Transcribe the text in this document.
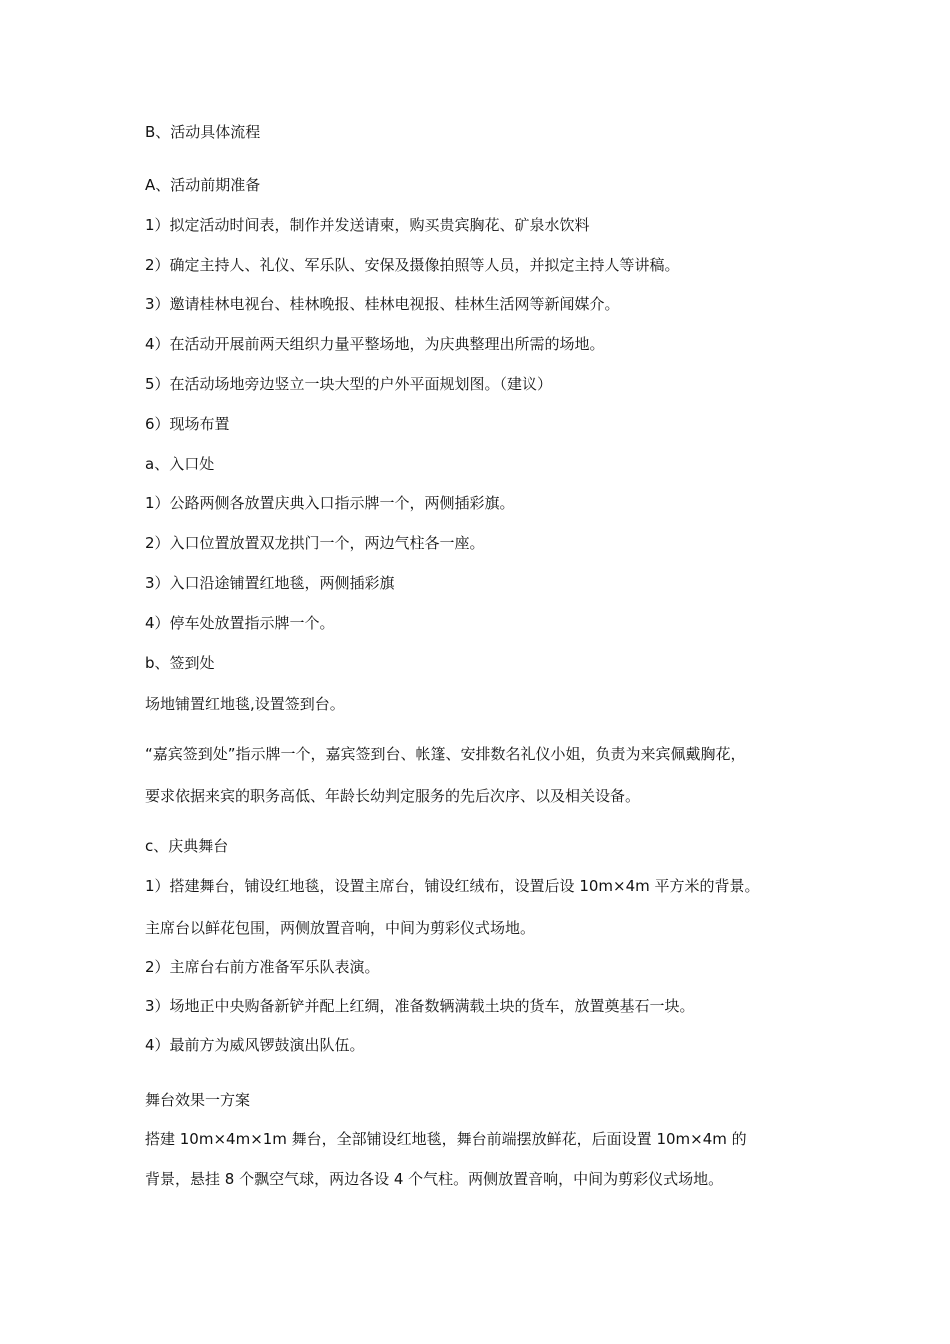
B、活动具体流程

A、活动前期准备

1）拟定活动时间表，制作并发送请柬，购买贵宾胸花、矿泉水饮料

2）确定主持人、礼仪、军乐队、安保及摄像拍照等人员，并拟定主持人等讲稿。

3）邀请桂林电视台、桂林晚报、桂林电视报、桂林生活网等新闻媒介。

4）在活动开展前两天组织力量平整场地，为庆典整理出所需的场地。

5）在活动场地旁边竖立一块大型的户外平面规划图。（建议）

6）现场布置

a、入口处

1）公路两侧各放置庆典入口指示牌一个，两侧插彩旗。

2）入口位置放置双龙拱门一个，两边气柱各一座。

3）入口沿途铺置红地毯，两侧插彩旗

4）停车处放置指示牌一个。

b、签到处

场地铺置红地毯,设置签到台。

“嘉宾签到处”指示牌一个，嘉宾签到台、帐篷、安排数名礼仪小姐，负责为来宾佩戴胸花，

要求依据来宾的职务高低、年龄长幼判定服务的先后次序、以及相关设备。

c、庆典舞台

1）搭建舞台，铺设红地毯，设置主席台，铺设红绒布，设置后设 10m×4m 平方米的背景。

主席台以鲜花包围，两侧放置音响，中间为剪彩仪式场地。

2）主席台右前方准备军乐队表演。

3）场地正中央购备新铲并配上红绸，准备数辆满载土块的货车，放置奠基石一块。

4）最前方为威风锣鼓演出队伍。

舞台效果一方案

搭建 10m×4m×1m 舞台，全部铺设红地毯，舞台前端摆放鲜花，后面设置 10m×4m 的

背景，悬挂 8 个飘空气球，两边各设 4 个气柱。两侧放置音响，中间为剪彩仪式场地。
